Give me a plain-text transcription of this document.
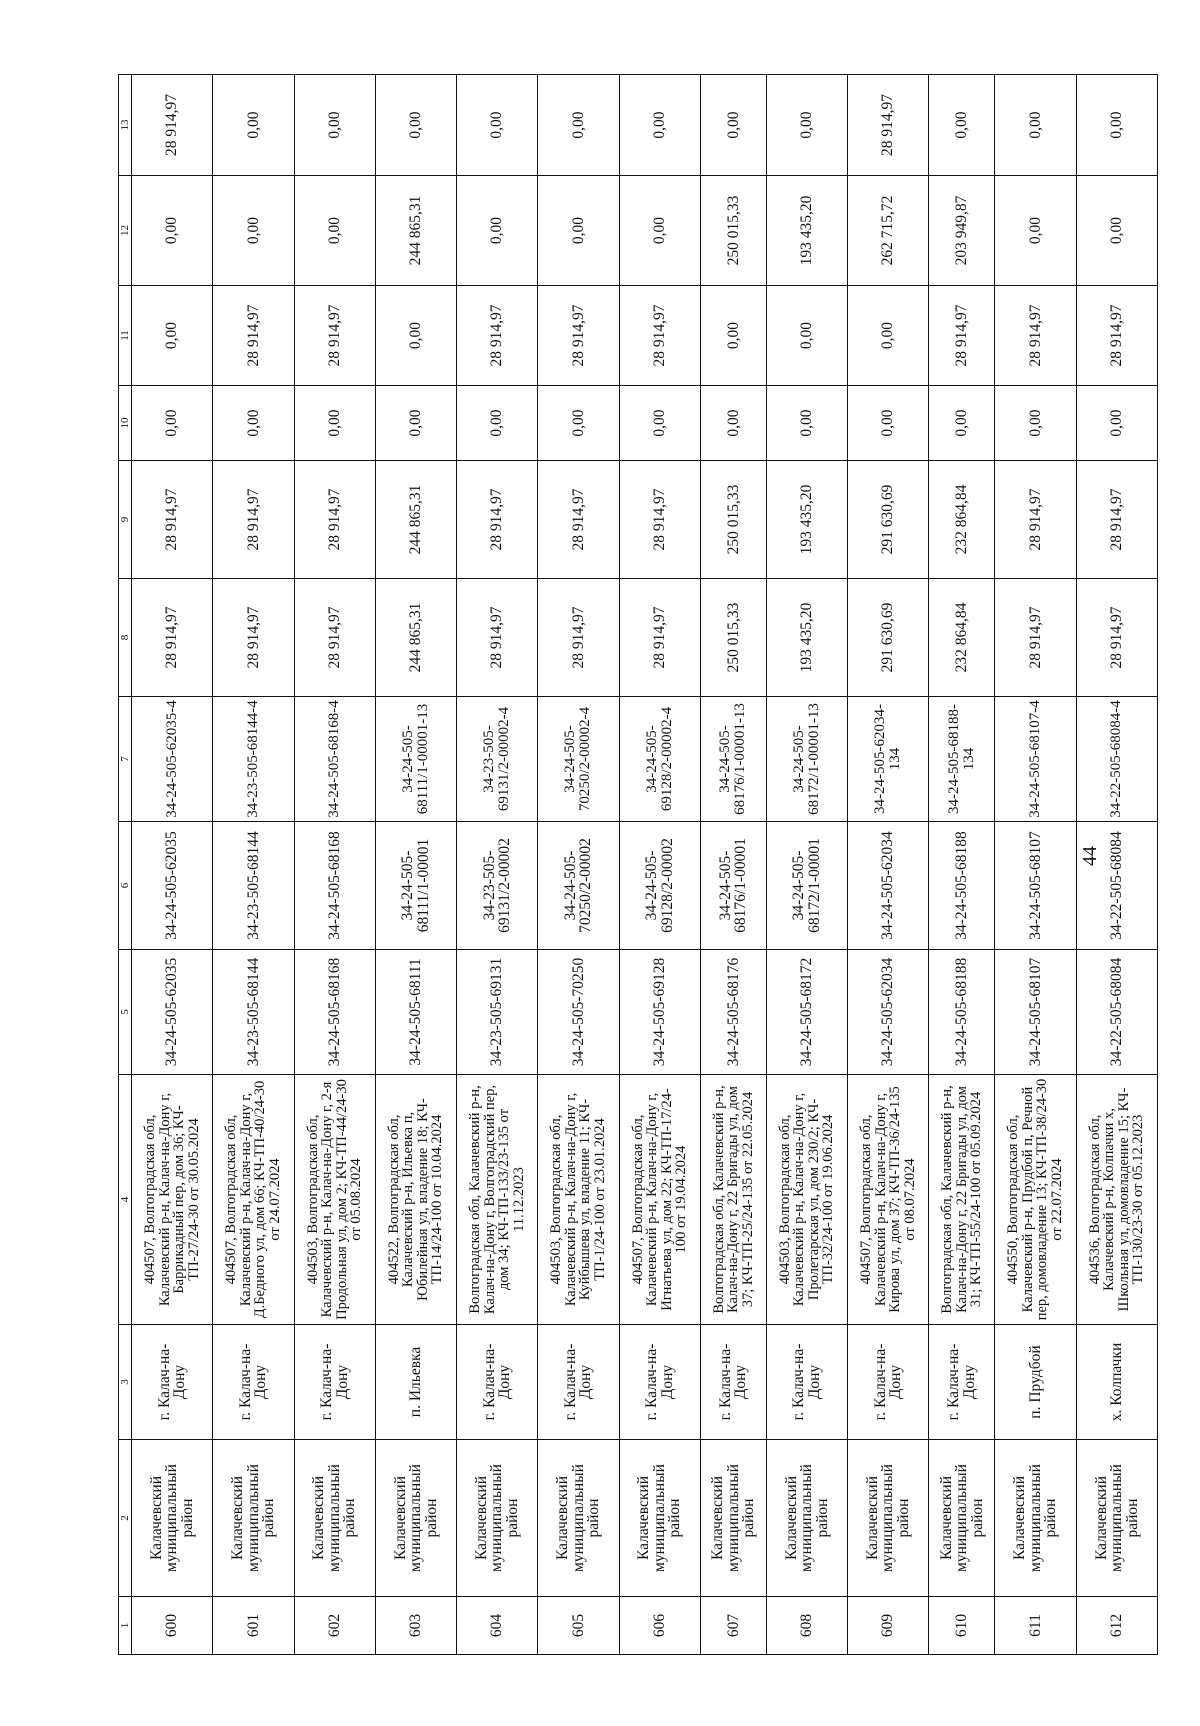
44
1	2	3	4	5	6	7	8	9	10	11	12	13
600	Калачевский муниципальный район	г. Калач-на-Дону	404507, Волгоградская обл, Калачевский р-н, Калач-на-Дону г, Баррикадный пер, дом 36; КЧ-ТП-27/24-30 от 30.05.2024	34-24-505-62035	34-24-505-62035	34-24-505-62035-4	28 914,97	28 914,97	0,00	0,00	0,00	28 914,97
601	Калачевский муниципальный район	г. Калач-на-Дону	404507, Волгоградская обл, Калачевский р-н, Калач-на-Дону г, Д.Бедного ул, дом 66; КЧ-ТП-40/24-30 от 24.07.2024	34-23-505-68144	34-23-505-68144	34-23-505-68144-4	28 914,97	28 914,97	0,00	28 914,97	0,00	0,00
602	Калачевский муниципальный район	г. Калач-на-Дону	404503, Волгоградская обл, Калачевский р-н, Калач-на-Дону г, 2-я Продольная ул, дом 2; КЧ-ТП-44/24-30 от 05.08.2024	34-24-505-68168	34-24-505-68168	34-24-505-68168-4	28 914,97	28 914,97	0,00	28 914,97	0,00	0,00
603	Калачевский муниципальный район	п. Ильевка	404522, Волгоградская обл, Калачевский р-н, Ильевка п, Юбилейная ул, владение 18; КЧ-ТП-14/24-100 от 10.04.2024	34-24-505-68111	34-24-505-68111/1-00001	34-24-505-68111/1-00001-13	244 865,31	244 865,31	0,00	0,00	244 865,31	0,00
604	Калачевский муниципальный район	г. Калач-на-Дону	Волгоградская обл, Калачевский р-н, Калач-на-Дону г, Волгоградский пер, дом 34; КЧ-ТП-133/23-135 от 11.12.2023	34-23-505-69131	34-23-505-69131/2-00002	34-23-505-69131/2-00002-4	28 914,97	28 914,97	0,00	28 914,97	0,00	0,00
605	Калачевский муниципальный район	г. Калач-на-Дону	404503, Волгоградская обл, Калачевский р-н, Калач-на-Дону г, Куйбышева ул, владение 11; КЧ-ТП-1/24-100 от 23.01.2024	34-24-505-70250	34-24-505-70250/2-00002	34-24-505-70250/2-00002-4	28 914,97	28 914,97	0,00	28 914,97	0,00	0,00
606	Калачевский муниципальный район	г. Калач-на-Дону	404507, Волгоградская обл, Калачевский р-н, Калач-на-Дону г, Игнатьева ул, дом 22; КЧ-ТП-17/24-100 от 19.04.2024	34-24-505-69128	34-24-505-69128/2-00002	34-24-505-69128/2-00002-4	28 914,97	28 914,97	0,00	28 914,97	0,00	0,00
607	Калачевский муниципальный район	г. Калач-на-Дону	Волгоградская обл, Калачевский р-н, Калач-на-Дону г, 22 Бригады ул, дом 37; КЧ-ТП-25/24-135 от 22.05.2024	34-24-505-68176	34-24-505-68176/1-00001	34-24-505-68176/1-00001-13	250 015,33	250 015,33	0,00	0,00	250 015,33	0,00
608	Калачевский муниципальный район	г. Калач-на-Дону	404503, Волгоградская обл, Калачевский р-н, Калач-на-Дону г, Пролетарская ул, дом 230/2; КЧ-ТП-32/24-100 от 19.06.2024	34-24-505-68172	34-24-505-68172/1-00001	34-24-505-68172/1-00001-13	193 435,20	193 435,20	0,00	0,00	193 435,20	0,00
609	Калачевский муниципальный район	г. Калач-на-Дону	404507, Волгоградская обл, Калачевский р-н, Калач-на-Дону г, Кирова ул, дом 37; КЧ-ТП-36/24-135 от 08.07.2024	34-24-505-62034	34-24-505-62034	34-24-505-62034-134	291 630,69	291 630,69	0,00	0,00	262 715,72	28 914,97
610	Калачевский муниципальный район	г. Калач-на-Дону	Волгоградская обл, Калачевский р-н, Калач-на-Дону г, 22 Бригады ул, дом 31; КЧ-ТП-55/24-100 от 05.09.2024	34-24-505-68188	34-24-505-68188	34-24-505-68188-134	232 864,84	232 864,84	0,00	28 914,97	203 949,87	0,00
611	Калачевский муниципальный район	п. Прудбой	404550, Волгоградская обл, Калачевский р-н, Прудбой п, Речной пер, домовладение 13; КЧ-ТП-38/24-30 от 22.07.2024	34-24-505-68107	34-24-505-68107	34-24-505-68107-4	28 914,97	28 914,97	0,00	28 914,97	0,00	0,00
612	Калачевский муниципальный район	х. Колпачки	404536, Волгоградская обл, Калачевский р-н, Колпачки х, Школьная ул, домовладение 15; КЧ-ТП-130/23-30 от 05.12.2023	34-22-505-68084	34-22-505-68084	34-22-505-68084-4	28 914,97	28 914,97	0,00	28 914,97	0,00	0,00
